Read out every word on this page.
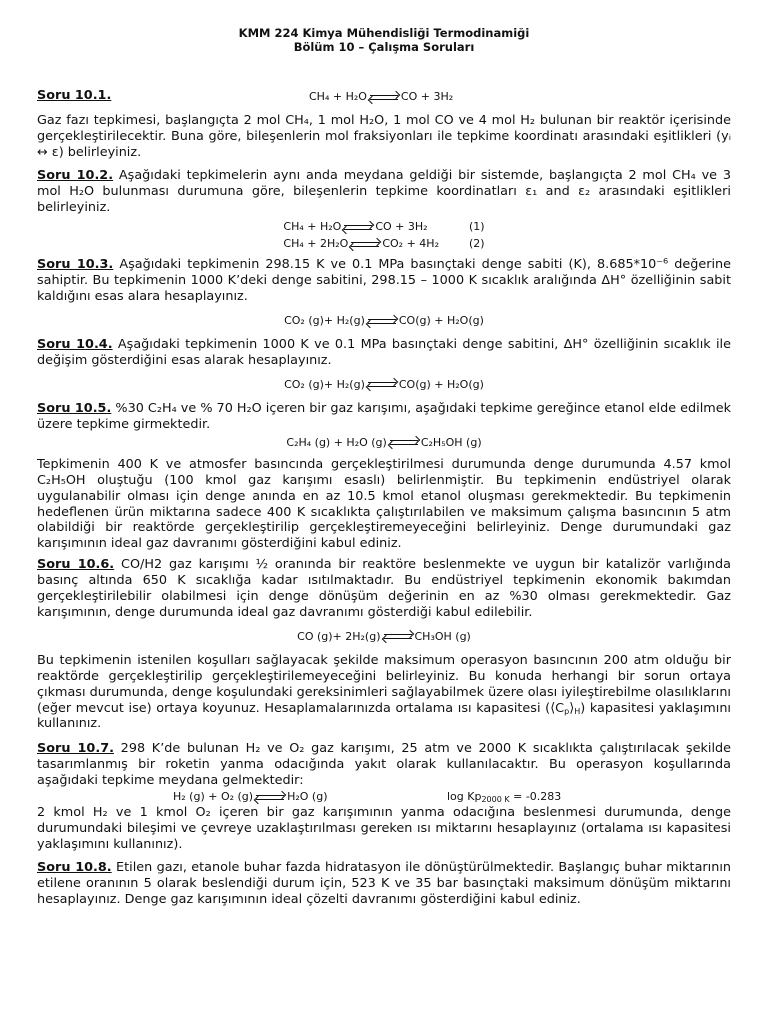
KMM 224 Kimya Mühendisliği Termodinamiği
Bölüm 10 – Çalışma Soruları
Soru 10.1.	CH₄ + H₂O → CO + 3H₂

Gaz fazı tepkimesi, başlangıçta 2 mol CH₄, 1 mol H₂O, 1 mol CO ve 4 mol H₂ bulunan bir reaktör içerisinde gerçekleştirilecektir. Buna göre, bileşenlerin mol fraksiyonları ile tepkime koordinatı arasındaki eşitlikleri (yᵢ ↔ ε) belirleyiniz.

Soru 10.2. Aşağıdaki tepkimelerin aynı anda meydana geldiği bir sistemde, başlangıçta 2 mol CH₄ ve 3 mol H₂O bulunması durumuna göre, bileşenlerin tepkime koordinatları ε₁ and ε₂ arasındaki eşitlikleri belirleyiniz.

CH₄ + H₂O → CO + 3H₂	(1)
CH₄ + 2H₂O → CO₂ + 4H₂	(2)

Soru 10.3. Aşağıdaki tepkimenin 298.15 K ve 0.1 MPa basınçtaki denge sabiti (K), 8.685*10⁻⁶ değerine sahiptir. Bu tepkimenin 1000 K’deki denge sabitini, 298.15 – 1000 K sıcaklık aralığında ΔH° özelliğinin sabit kaldığını esas alara hesaplayınız.

CO₂ (g)+ H₂(g) → CO(g) + H₂O(g)

Soru 10.4. Aşağıdaki tepkimenin 1000 K ve 0.1 MPa basınçtaki denge sabitini, ΔH° özelliğinin sıcaklık ile değişim gösterdiğini esas alarak hesaplayınız.

CO₂ (g)+ H₂(g) → CO(g) + H₂O(g)

Soru 10.5. %30 C₂H₄ ve % 70 H₂O içeren bir gaz karışımı, aşağıdaki tepkime gereğince etanol elde edilmek üzere tepkime girmektedir.

C₂H₄ (g) + H₂O (g) → C₂H₅OH (g)

Tepkimenin 400 K ve atmosfer basıncında gerçekleştirilmesi durumunda denge durumunda 4.57 kmol C₂H₅OH oluştuğu (100 kmol gaz karışımı esaslı) belirlenmiştir. Bu tepkimenin endüstriyel olarak uygulanabilir olması için denge anında en az 10.5 kmol etanol oluşması gerekmektedir. Bu tepkimenin hedeflenen ürün miktarına sadece 400 K sıcaklıkta çalıştırılabilen ve maksimum çalışma basıncının 5 atm olabildiği bir reaktörde gerçekleştirilip gerçekleştiremeyeceğini belirleyiniz. Denge durumundaki gaz karışımının ideal gaz davranımı gösterdiğini kabul ediniz.

Soru 10.6. CO/H2 gaz karışımı ½ oranında bir reaktöre beslenmekte ve uygun bir katalizör varlığında basınç altında 650 K sıcaklığa kadar ısıtılmaktadır. Bu endüstriyel tepkimenin ekonomik bakımdan gerçekleştirilebilir olabilmesi için denge dönüşüm değerinin en az %30 olması gerekmektedir. Gaz karışımının, denge durumunda ideal gaz davranımı gösterdiği kabul edilebilir.

CO (g)+ 2H₂(g) → CH₃OH (g)

Bu tepkimenin istenilen koşulları sağlayacak şekilde maksimum operasyon basıncının 200 atm olduğu bir reaktörde gerçekleştirilip gerçekleştirilemeyeceğini belirleyiniz. Bu konuda herhangi bir sorun ortaya çıkması durumunda, denge koşulundaki gereksinimleri sağlayabilmek üzere olası iyileştirebilme olasılıklarını (eğer mevcut ise) ortaya koyunuz. Hesaplamalarınızda ortalama ısı kapasitesi $(⟨C_p⟩_H)$ kapasitesi yaklaşımını kullanınız.

Soru 10.7. 298 K’de bulunan H₂ ve O₂ gaz karışımı, 25 atm ve 2000 K sıcaklıkta çalıştırılacak şekilde tasarımlanmış bir roketin yanma odacığında yakıt olarak kullanılacaktır. Bu operasyon koşullarında aşağıdaki tepkime meydana gelmektedir:

H₂ (g) + O₂ (g) → H₂O (g)	$\log Kp_{2000 K} = -0.283$

2 kmol H₂ ve 1 kmol O₂ içeren bir gaz karışımının yanma odacığına beslenmesi durumunda, denge durumundaki bileşimi ve çevreye uzaklaştırılması gereken ısı miktarını hesaplayınız (ortalama ısı kapasitesi yaklaşımını kullanınız).

Soru 10.8. Etilen gazı, etanole buhar fazda hidratasyon ile dönüştürülmektedir. Başlangıç buhar miktarının etilene oranının 5 olarak beslendiği durum için, 523 K ve 35 bar basınçtaki maksimum dönüşüm miktarını hesaplayınız. Denge gaz karışımının ideal çözelti davranımı gösterdiğini kabul ediniz.
